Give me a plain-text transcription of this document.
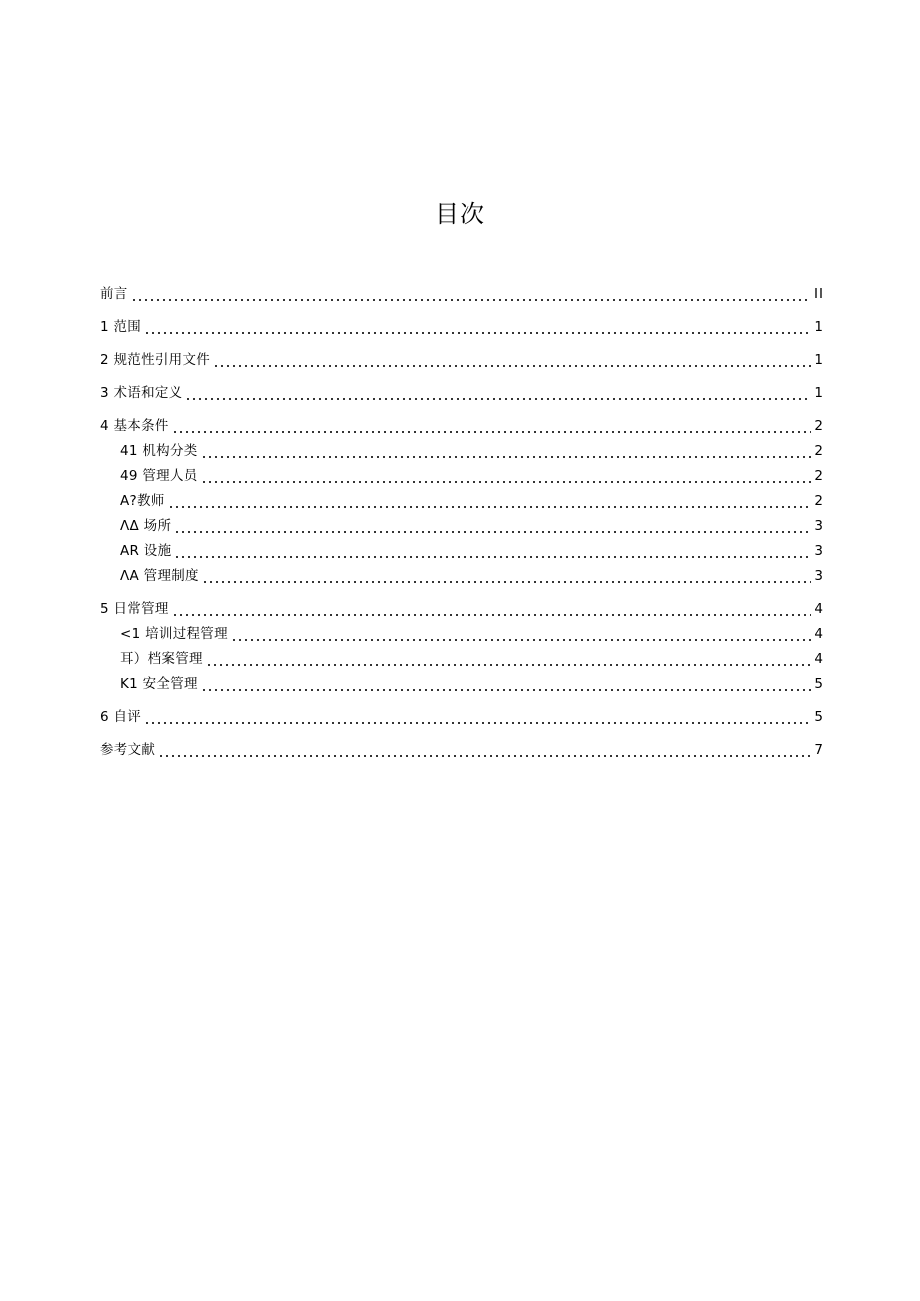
目次
前言	II
1 范围	1
2 规范性引用文件	1
3 术语和定义	1
4 基本条件	2
41 机构分类	2
49 管理人员	2
A?教师	2
ΛΔ 场所	3
AR 设施	3
ΛA 管理制度	3
5 日常管理	4
<1 培训过程管理	4
耳）档案管理	4
K1 安全管理	5
6 自评	5
参考文献	7
